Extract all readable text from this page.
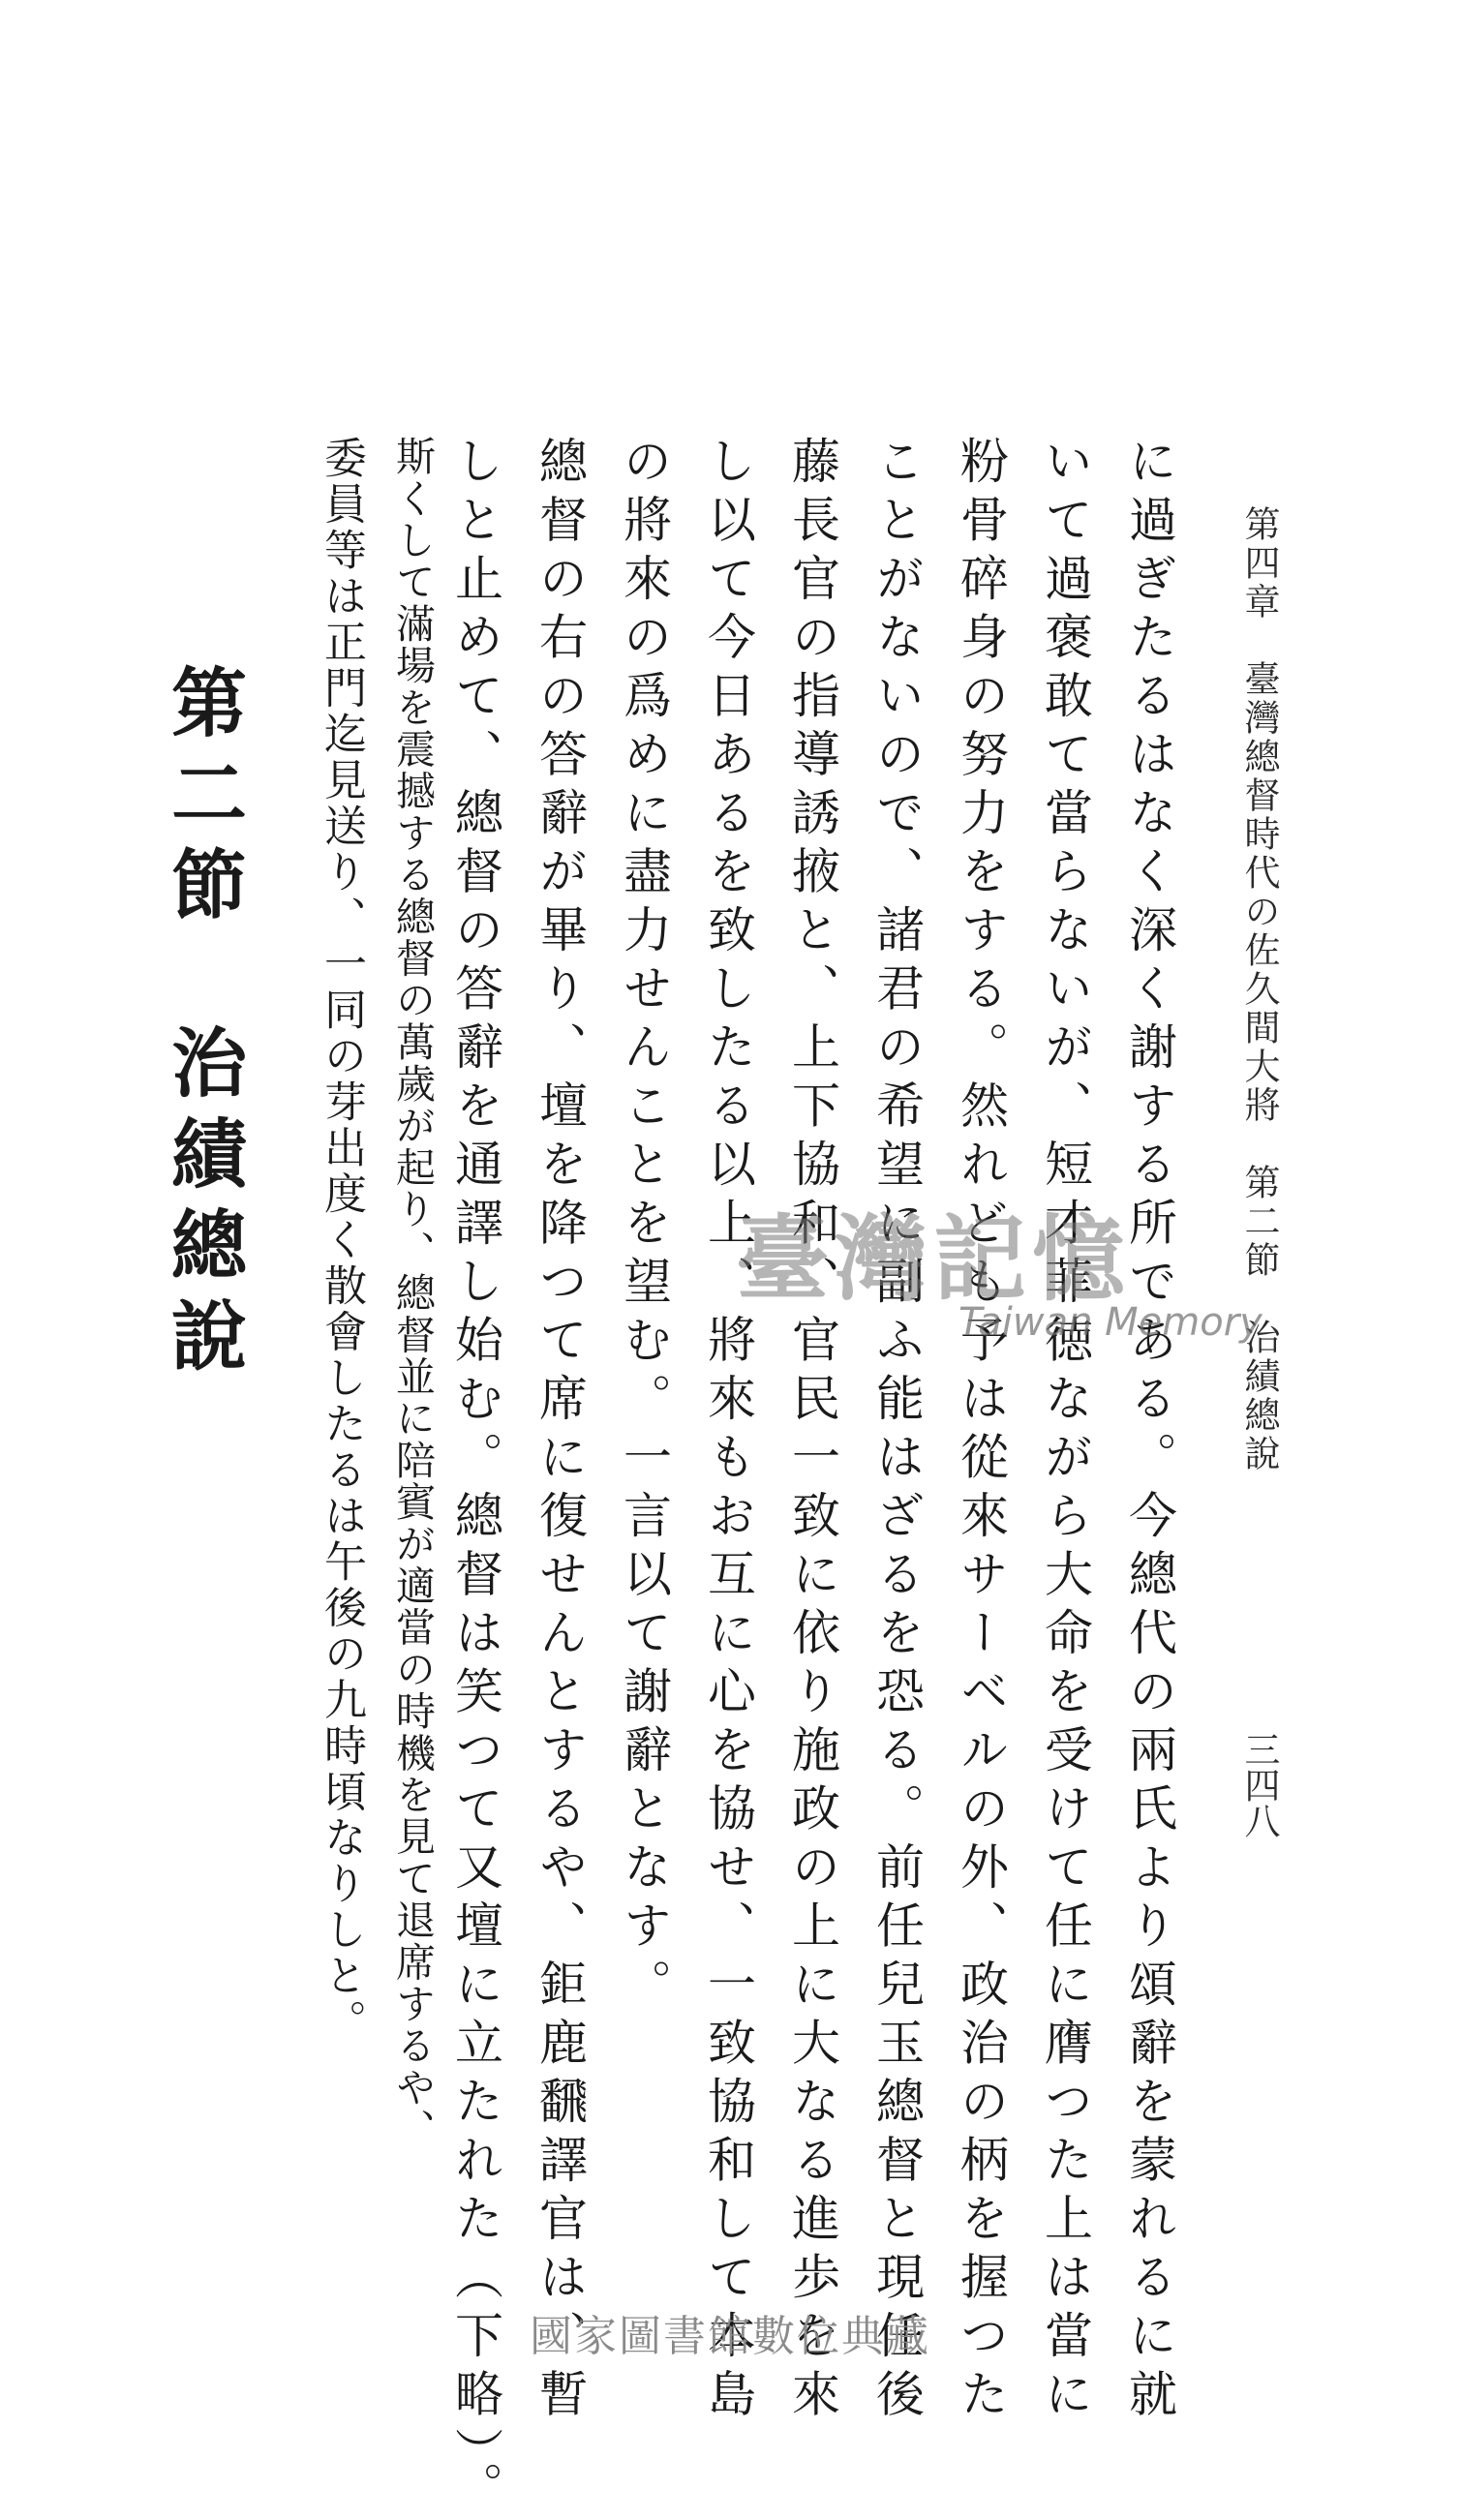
第四章　臺灣總督時代の佐久間大將　第二節　治績總說
三四八
に過ぎたるはなく深く謝する所である。今總代の兩氏より頌辭を蒙れるに就
いて過褒敢て當らないが、短才菲徳ながら大命を受けて任に膺つた上は當に
粉骨碎身の努力をする。然れども予は從來サーベルの外、政治の柄を握つた
ことがないので、諸君の希望に副ふ能はざるを恐る。前任兒玉總督と現任後
藤長官の指導誘掖と、上下協和、官民一致に依り施政の上に大なる進歩を來
し以て今日あるを致したる以上、將來もお互に心を協せ、一致協和して本島
の將來の爲めに盡力せんことを望む。一言以て謝辭となす。
總督の右の答辭が畢り、壇を降つて席に復せんとするや、鉅鹿飜譯官は、暫
しと止めて、總督の答辭を通譯し始む。總督は笑つて又壇に立たれた（下略）。
斯くして滿場を震撼する總督の萬歲が起り、總督並に陪賓が適當の時機を見て退席するや、
委員等は正門迄見送り、一同の芽出度く散會したるは午後の九時頃なりしと。
第二節治績總說	臺灣記憶
Taiwan Memory
國家圖書館數位典藏
